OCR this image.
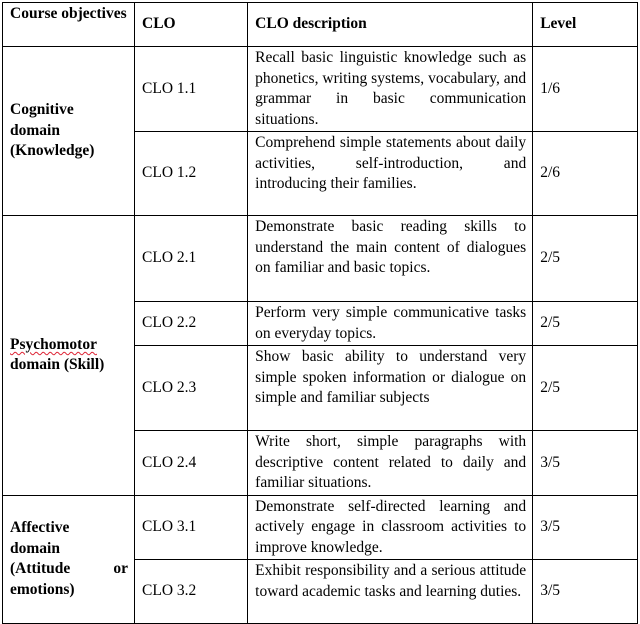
Course objectives	CLO	CLO description	Level
Cognitive
domain
(Knowledge)	CLO 1.1	Recall basic linguistic knowledge such as phonetics, writing systems, vocabulary, and grammar in basic communication situations.	1/6
	CLO 1.2	Comprehend simple statements about daily activities, self-introduction, and introducing their families.	2/6
Psychomotor
domain (Skill)	CLO 2.1	Demonstrate basic reading skills to understand the main content of dialogues on familiar and basic topics.	2/5
	CLO 2.2	Perform very simple communicative tasks on everyday topics.	2/5
	CLO 2.3	Show basic ability to understand very simple spoken information or dialogue on simple and familiar subjects	2/5
	CLO 2.4	Write short, simple paragraphs with descriptive content related to daily and familiar situations.	3/5
Affective
domain
(Attitude or
emotions)	CLO 3.1	Demonstrate self-directed learning and actively engage in classroom activities to improve knowledge.	3/5
	CLO 3.2	Exhibit responsibility and a serious attitude toward academic tasks and learning duties.	3/5
